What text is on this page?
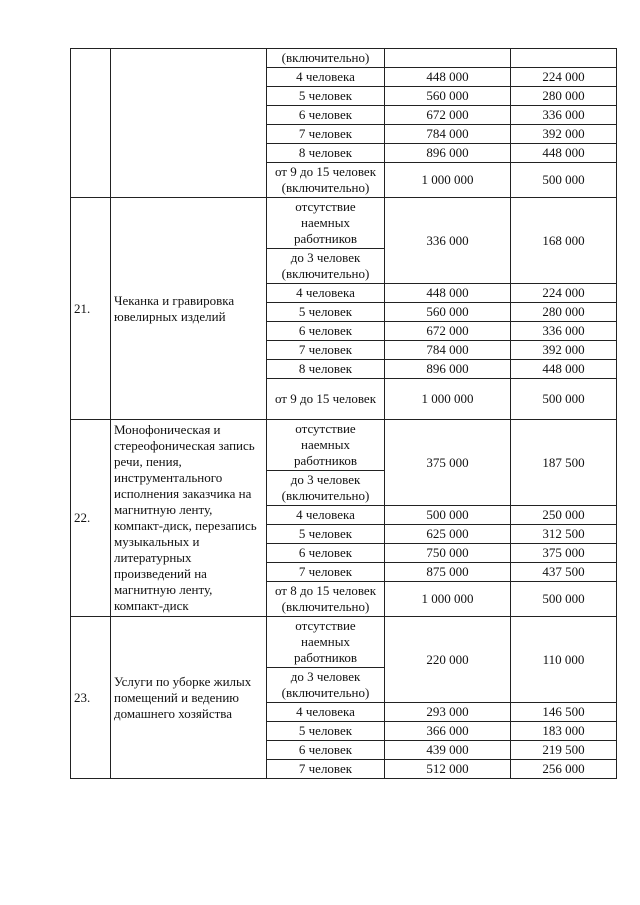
		(включительно)		
		4 человека	448 000	224 000
		5 человек	560 000	280 000
		6 человек	672 000	336 000
		7 человек	784 000	392 000
		8 человек	896 000	448 000
		от 9 до 15 человек (включительно)	1 000 000	500 000
21.	Чеканка и гравировка ювелирных изделий	отсутствие наемных работников	336 000	168 000
		до 3 человек (включительно)		
		4 человека	448 000	224 000
		5 человек	560 000	280 000
		6 человек	672 000	336 000
		7 человек	784 000	392 000
		8 человек	896 000	448 000
		от 9 до 15 человек	1 000 000	500 000
22.	Монофоническая и стереофоническая запись речи, пения, инструментального исполнения заказчика на магнитную ленту, компакт-диск, перезапись музыкальных и литературных произведений на магнитную ленту, компакт-диск	отсутствие наемных работников	375 000	187 500
		до 3 человек (включительно)		
		4 человека	500 000	250 000
		5 человек	625 000	312 500
		6 человек	750 000	375 000
		7 человек	875 000	437 500
		от 8 до 15 человек (включительно)	1 000 000	500 000
23.	Услуги по уборке жилых помещений и ведению домашнего хозяйства	отсутствие наемных работников	220 000	110 000
		до 3 человек (включительно)		
		4 человека	293 000	146 500
		5 человек	366 000	183 000
		6 человек	439 000	219 500
		7 человек	512 000	256 000
